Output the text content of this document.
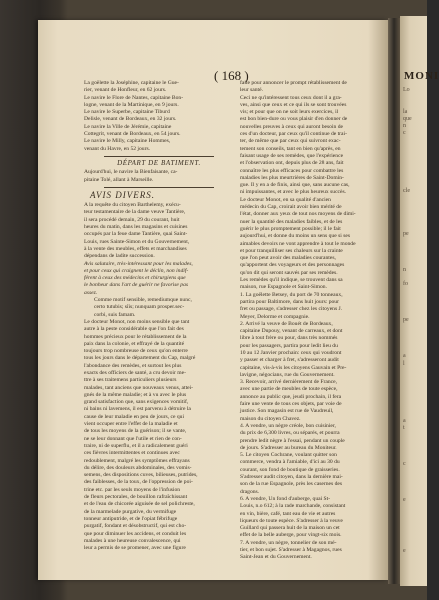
( 168 )
La goëlette la Joséphine, capitaine le Gue-
rier, venant de Honfleur, en 62 jours.
Le navire le Flore de Nantes, capitaine Bon-
logne, venant de la Martinique, en 9 jours.
Le navire le Superbe, capitaine Tiburd
Delisle, venant de Bordeaux, en 32 jours.
Le navire la Ville de Jérémie, capitaine
Cottegrit, venant de Bordeaux, en 54 jours.
Le navire le Milly, capitaine Hommes,
venant du Havre, en 52 jours.
DÉPART DE BATIMENT.
Aujourd'hui, le navire la Bienfaisante, ca-
pitaine Tolé, allant à Marseille.
AVIS DIVERS.
A la requête du citoyen Barthelemy, exécu-
teur testamentaire de la dame veuve Tantière,
il sera procédé demain, 29 du courant, huit
heures du matin, dans les magasins et cuisines
occupés par la feue dame Tantière, quai Saint-
Louis, rues Sainte-Simon et du Gouvernement,
à la vente des meubles, effets et marchandises
dépendans de ladite succession.
Avis salutaire, très-intéressant pour les malades,
et pour ceux qui craignent le déclin, non indif-
férent à ceux des médecins et chirurgiens que
le bonheur dans l'art de guérir ne favorise pas
assez.
Comme motif sensible, remediumque nunc,
certo tutubis; sîis; nunquam prosper.sec-
corbi, suis famam.
Le docteur Monot, non moins sensible que tant
autre à la peste considérable que l'on fait des
hommes précieux pour le rétablissement de la
paix dans la colonie, et effrayé de la quantité
toujours trop nombreuse de ceux qu'on enterre
tous les jours dans le département du Cap, malgré
l'abondance des remèdes, et surtout les plus
exacts des officiers de santé, a cru devoir me-
ttre à ses traitemens particuliers plusieurs
malades, tant anciens que nouveaux venus, attei-
gnés de la même maladie; et à vu avec le plus
grand satisfaction que, sans exigences vomitif,
ni bains ni lavemens, il est parvenu à détruire la
cause de leur maladie en peu de jours, ce qui
vient occuper entre l'effet de la maladie et
de tous les moyens de la guérison; il se vante,
ne se leur donnant que l'utile et rien de con-
traire, ni de superflu, et il a radicalement guéri
ces fièvres intermittentes et continues avec
redoublement, malgré les symptômes effrayans
du délire, des douleurs abdominales, des vomis-
semens, des dispositions cuves, bilieuses, putrides,
des faiblesses, de la toux, de l'oppression de poi-
trine etc. par les seuls moyens de l'infusion
de fleurs pectorales, de bouillon rafraîchissant
et de l'eau de chicorée aiguisée de sel polichreste,
de la marmelade purgative, du vermifuge
tonneur antiputride, et de l'opiat fébrifuge
purgatif, fondant et désobstructif, qui est cho-
que pour diminuer les accidens, et conduit les
malades à une heureuse convalescence, qui
leur a permis de se promener, avec une figure
faite pour annoncer le prompt rétablissement de
leur santé.
Ceci ne qu'intéressent tous ceux dont il a gra-
ves, ainsi que ceux et ce qui ils se sont trouvées
vis; et pour que on ne soit leurs exercices, il
est bon bien-dure ou vous plaisir d'en donner de
nouvelles preuves à ceux qui auront besoin de
ces d'un docteur, par ceux qu'il continue de trai-
ter, de même que par ceux qui suivront exac-
tement son conseils, tant en bien qu'après, en
faisant usage de ses remèdes, que l'expérience
et l'observation ont, depuis plus de 28 ans, fait
connaître les plus efficaces pour combattre les
maladies les plus meurtrières de Saint-Domin-
gue. Il y en a de finis, ainsi que, sans aucune cas,
ni impuissantes, et avec le plus heureux succès.
Le docteur Monot, en sa qualité d'ancien
médecin du Cap, croirait avoir bien mérité de
l'état, donner aux yeux de tout nos moyens de dimi-
nuer la quantité des maladies faibles, et de les
guérir le plus promptement possible; il le fait
aujourd'hui, et donne du moins un sens que si ses
aimables devoirs ne vont apprendre à tout le monde
et pour tranquilliser ses chaleurs sur la crainte
que l'on peut avoir des maladies courantes,
qu'apportent des voyageurs et des personnages
qu'on dit qui seront sauvés par ses remèdes.
Les remèdes qu'il indique, se trouvent dans sa
maison, rue Espagnole et Saint-Simon.
1. La goëlette Betsey, du port de 70 tonneaux,
partira pour Baltimore, dans huit jours: pour
fret ou passage, s'adresser chez les citoyens J.
Meyer, Delorme et compagnie.
2. Arrivé la veuve de Bouét de Bordeaux,
capitaine Dupouy, venant de carreaux, et dont
libre à tout frère ou pour, dans très nommés
pour les passagers, partira pour ledit lieu du
10 au 12 Janvier prochain: ceux qui voudront
y passer et charger à fret, s'adresseront audit
capitaine, vis-à-vis les citoyens Gauvain et Pre-
lavigne, négocians, rue du Gouvernement.
3. Recevoir, arrivé dernièrement de France,
avec une partie de meubles de toute espèce,
annonce au public que, jeudi prochain, il fera
faire une vente de tous ces objets, par voie de
justice. Son magasin est rue de Vaudreuil,
maison du citoyen Chavez.
4. A vendre, un nègre créole, bon cuisinier,
du prix de 6,300 livres, ou séparés, et pourra
prendre ledit nègre à l'essai, pendant un couple
de jours. S'adresser au bureau du Moniteur.
5. Le citoyen Cochrane, voulant quitter son
commerce, vendra à l'amiable, d'ici au 30 du
courant, son fond de boutique de graisseries.
S'adresser audit citoyen, dans la dernière mai-
son de la rue Espagnole, près les casernes des
dragons.
6. A vendre, Un fond d'auberge, quai St-
Louis, n.o 612; à la rade marchande, consistant
en vin, bière, café, tant eau de vie et autres
liqueurs de toute espèce. S'adresser à la veuve
Guillard qui passera huit de la maison un cet
effet de la belle auberge, pour vingt-six mois.
7. A vendre, un nègre, tonnelier de son mé-
tier, et bon sujet. S'adresser à Magagnos, rues
Saint-Jean et du Gouvernement.
MONI
Lo
la
que
n
c
cle
pe
n
fo
pe
a
l
a
t
c
e
e
